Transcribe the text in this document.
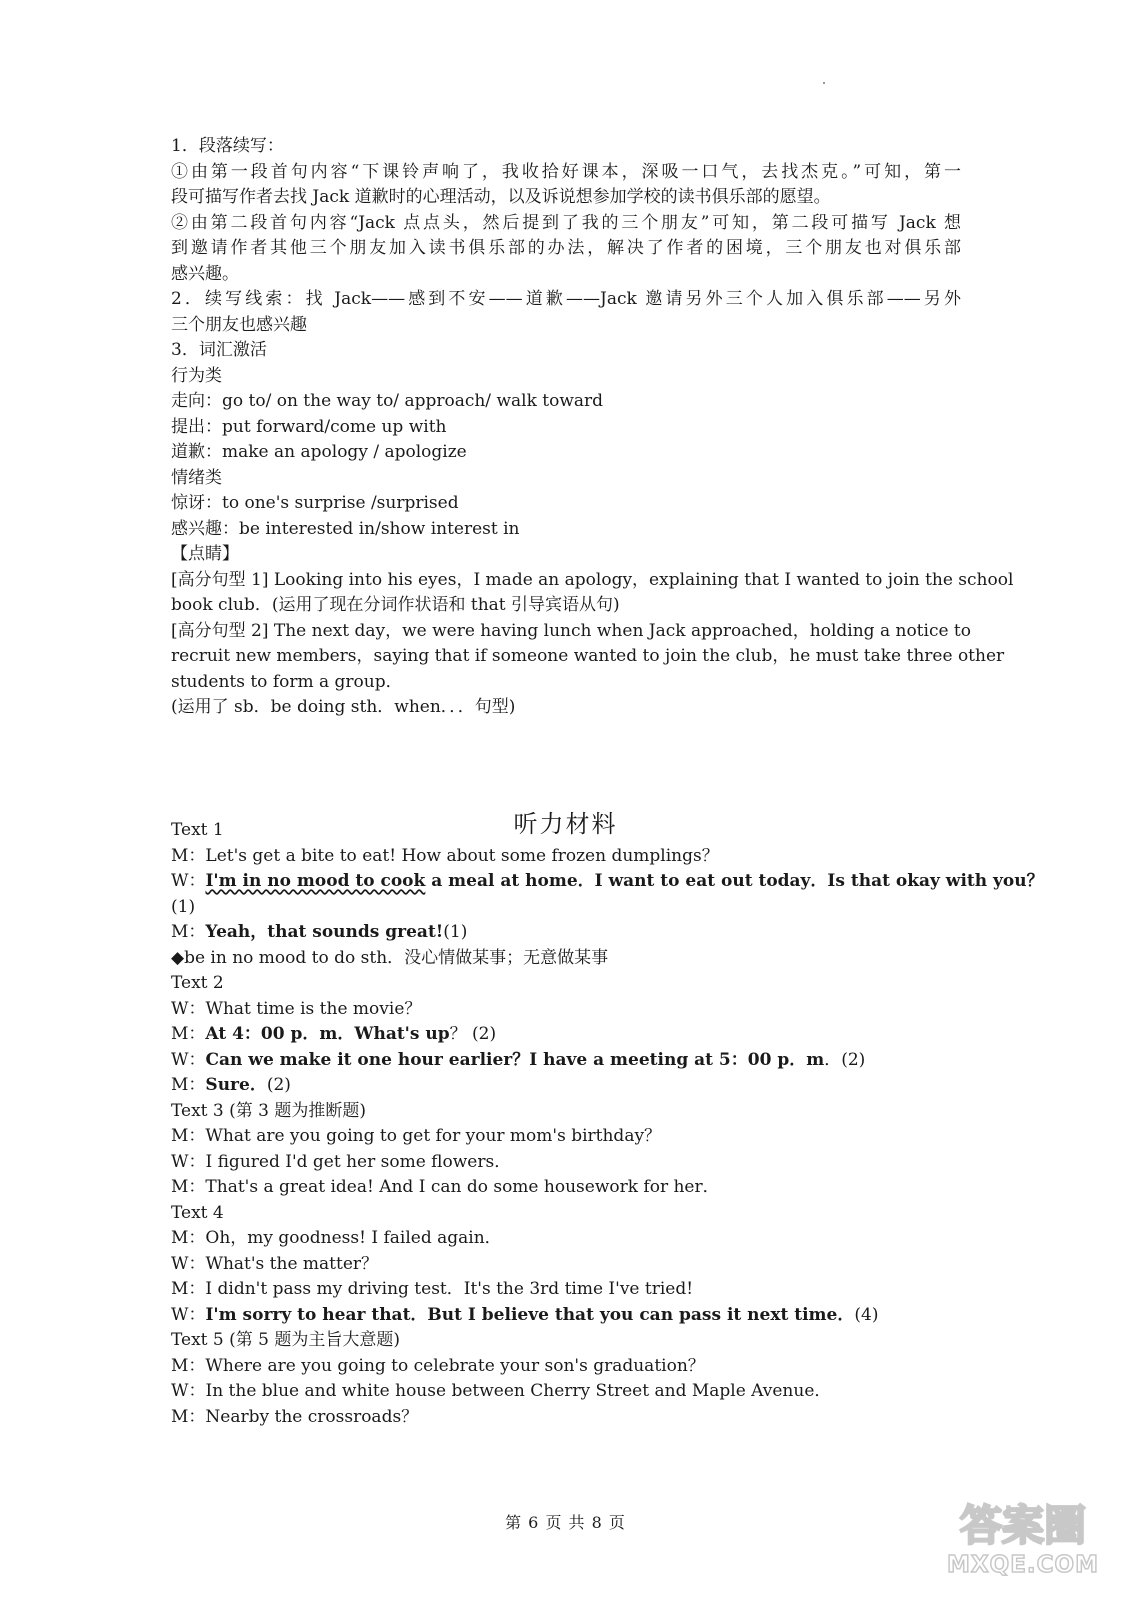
1．段落续写：
①由第一段首句内容“下课铃声响了，我收拾好课本，深吸一口气，去找杰克。”可知，第一
段可描写作者去找 Jack 道歉时的心理活动，以及诉说想参加学校的读书俱乐部的愿望。
②由第二段首句内容“Jack 点点头，然后提到了我的三个朋友”可知，第二段可描写 Jack 想
到邀请作者其他三个朋友加入读书俱乐部的办法，解决了作者的困境，三个朋友也对俱乐部
感兴趣。
2．续写线索：找 Jack——感到不安——道歉——Jack 邀请另外三个人加入俱乐部——另外
三个朋友也感兴趣
3．词汇激活
行为类
走向：go to/ on the way to/ approach/ walk toward
提出：put forward/come up with
道歉：make an apology / apologize
情绪类
惊讶：to one's surprise /surprised
感兴趣：be interested in/show interest in
【点睛】
[高分句型 1] Looking into his eyes，I made an apology，explaining that I wanted to join the school
book club．(运用了现在分词作状语和 that 引导宾语从句)
[高分句型 2] The next day，we were having lunch when Jack approached，holding a notice to
recruit new members，saying that if someone wanted to join the club，he must take three other
students to form a group．
(运用了 sb．be doing sth．when．．．句型)
听力材料
Text 1
M：Let's get a bite to eat! How about some frozen dumplings？
W：I'm in no mood to cook a meal at home．I want to eat out today．Is that okay with you？
(1)
M：Yeah，that sounds great!(1)
◆be in no mood to do sth．没心情做某事；无意做某事
Text 2
W：What time is the movie？
M：At 4：00 p．m．What's up？ (2)
W：Can we make it one hour earlier？I have a meeting at 5：00 p．m．(2)
M：Sure．(2)
Text 3 (第 3 题为推断题)
M：What are you going to get for your mom's birthday？
W：I figured I'd get her some flowers．
M：That's a great idea! And I can do some housework for her．
Text 4
M：Oh，my goodness! I failed again．
W：What's the matter？
M：I didn't pass my driving test．It's the 3rd time I've tried!
W：I'm sorry to hear that．But I believe that you can pass it next time．(4)
Text 5 (第 5 题为主旨大意题)
M：Where are you going to celebrate your son's graduation？
W：In the blue and white house between Cherry Street and Maple Avenue．
M：Nearby the crossroads？
第 6 页 共 8 页	答案圈
MXQE.COM
